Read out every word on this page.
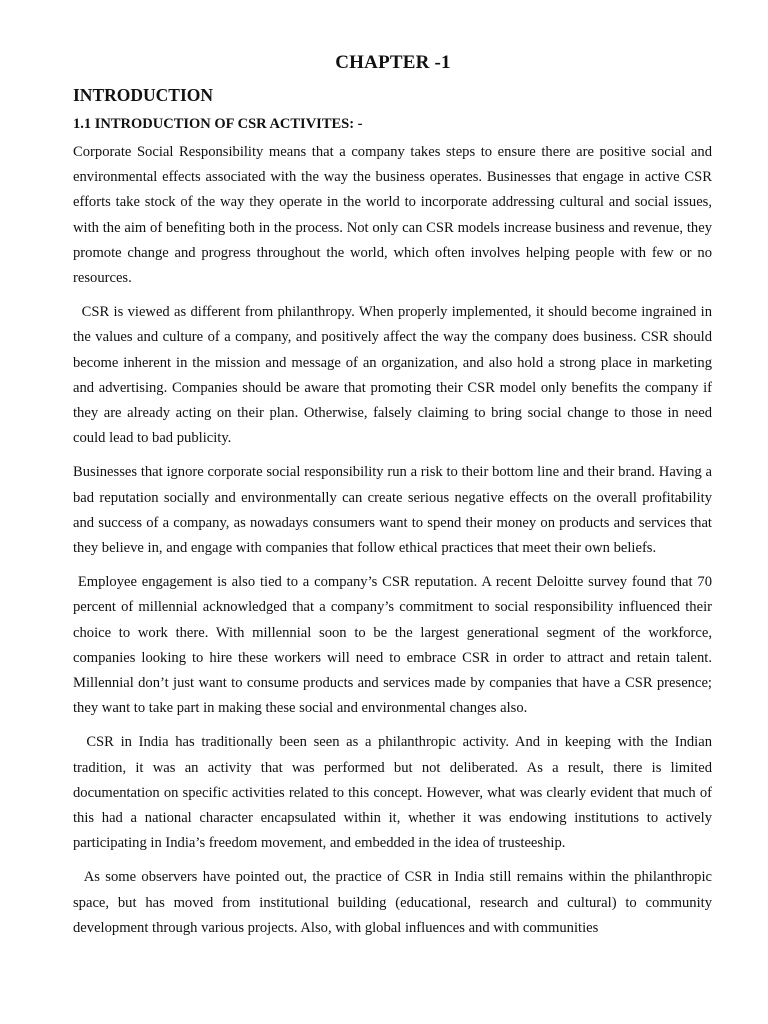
CHAPTER -1
INTRODUCTION
1.1 INTRODUCTION OF CSR ACTIVITES: -

Corporate Social Responsibility means that a company takes steps to ensure there are positive social and environmental effects associated with the way the business operates. Businesses that engage in active CSR efforts take stock of the way they operate in the world to incorporate addressing cultural and social issues, with the aim of benefiting both in the process. Not only can CSR models increase business and revenue, they promote change and progress throughout the world, which often involves helping people with few or no resources.

CSR is viewed as different from philanthropy. When properly implemented, it should become ingrained in the values and culture of a company, and positively affect the way the company does business. CSR should become inherent in the mission and message of an organization, and also hold a strong place in marketing and advertising. Companies should be aware that promoting their CSR model only benefits the company if they are already acting on their plan. Otherwise, falsely claiming to bring social change to those in need could lead to bad publicity.

Businesses that ignore corporate social responsibility run a risk to their bottom line and their brand. Having a bad reputation socially and environmentally can create serious negative effects on the overall profitability and success of a company, as nowadays consumers want to spend their money on products and services that they believe in, and engage with companies that follow ethical practices that meet their own beliefs.

Employee engagement is also tied to a company’s CSR reputation. A recent Deloitte survey found that 70 percent of millennial acknowledged that a company’s commitment to social responsibility influenced their choice to work there. With millennial soon to be the largest generational segment of the workforce, companies looking to hire these workers will need to embrace CSR in order to attract and retain talent. Millennial don’t just want to consume products and services made by companies that have a CSR presence; they want to take part in making these social and environmental changes also.

CSR in India has traditionally been seen as a philanthropic activity. And in keeping with the Indian tradition, it was an activity that was performed but not deliberated. As a result, there is limited documentation on specific activities related to this concept. However, what was clearly evident that much of this had a national character encapsulated within it, whether it was endowing institutions to actively participating in India’s freedom movement, and embedded in the idea of trusteeship.

As some observers have pointed out, the practice of CSR in India still remains within the philanthropic space, but has moved from institutional building (educational, research and cultural) to community development through various projects. Also, with global influences and with communities
